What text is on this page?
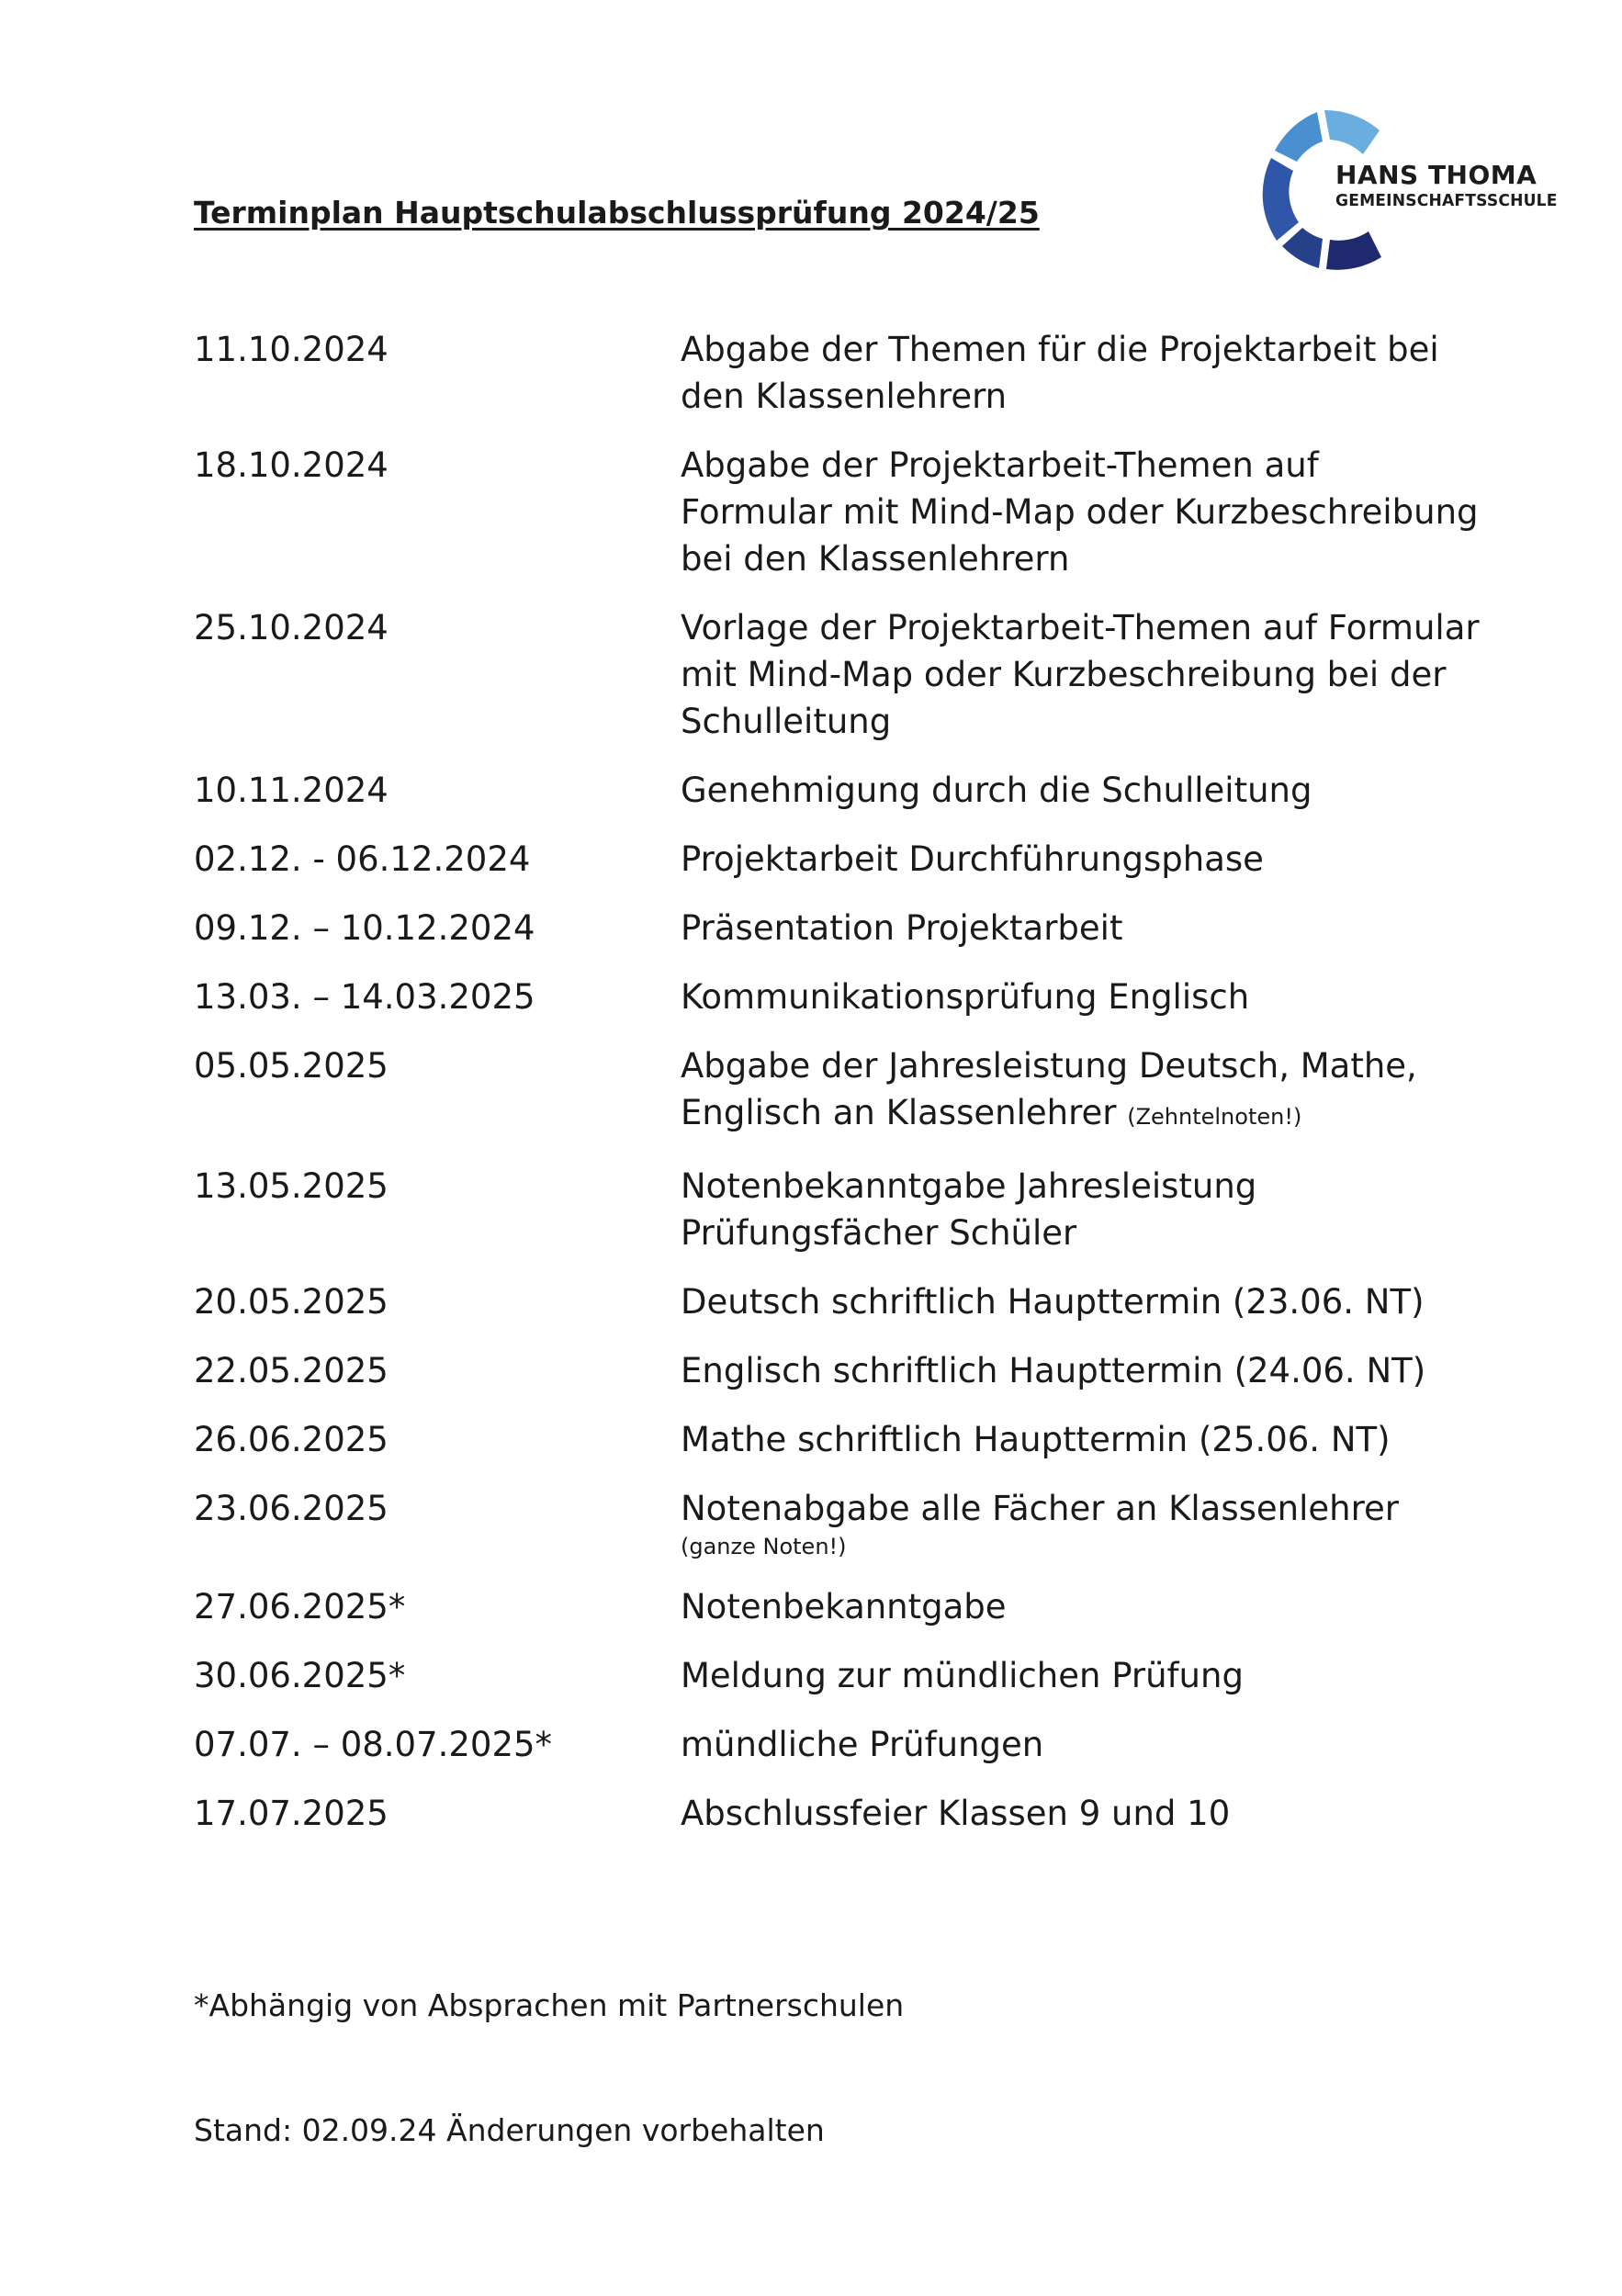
Terminplan Hauptschulabschlussprüfung 2024/25
HANS THOMA
GEMEINSCHAFTSSCHULE
11.10.2024	Abgabe der Themen für die Projektarbeit bei den Klassenlehrern
18.10.2024	Abgabe der Projektarbeit-Themen auf Formular mit Mind-Map oder Kurzbeschreibung bei den Klassenlehrern
25.10.2024	Vorlage der Projektarbeit-Themen auf Formular mit Mind-Map oder Kurzbeschreibung bei der Schulleitung
10.11.2024	Genehmigung durch die Schulleitung
02.12. - 06.12.2024	Projektarbeit Durchführungsphase
09.12. – 10.12.2024	Präsentation Projektarbeit
13.03. – 14.03.2025	Kommunikationsprüfung Englisch
05.05.2025	Abgabe der Jahresleistung Deutsch, Mathe, Englisch an Klassenlehrer (Zehntelnoten!)
13.05.2025	Notenbekanntgabe Jahresleistung Prüfungsfächer Schüler
20.05.2025	Deutsch schriftlich Haupttermin (23.06. NT)
22.05.2025	Englisch schriftlich Haupttermin (24.06. NT)
26.06.2025	Mathe schriftlich Haupttermin (25.06. NT)
23.06.2025	Notenabgabe alle Fächer an Klassenlehrer
(ganze Noten!)
27.06.2025*	Notenbekanntgabe
30.06.2025*	Meldung zur mündlichen Prüfung
07.07. – 08.07.2025*	mündliche Prüfungen
17.07.2025	Abschlussfeier Klassen 9 und 10
*Abhängig von Absprachen mit Partnerschulen
Stand: 02.09.24 Änderungen vorbehalten
